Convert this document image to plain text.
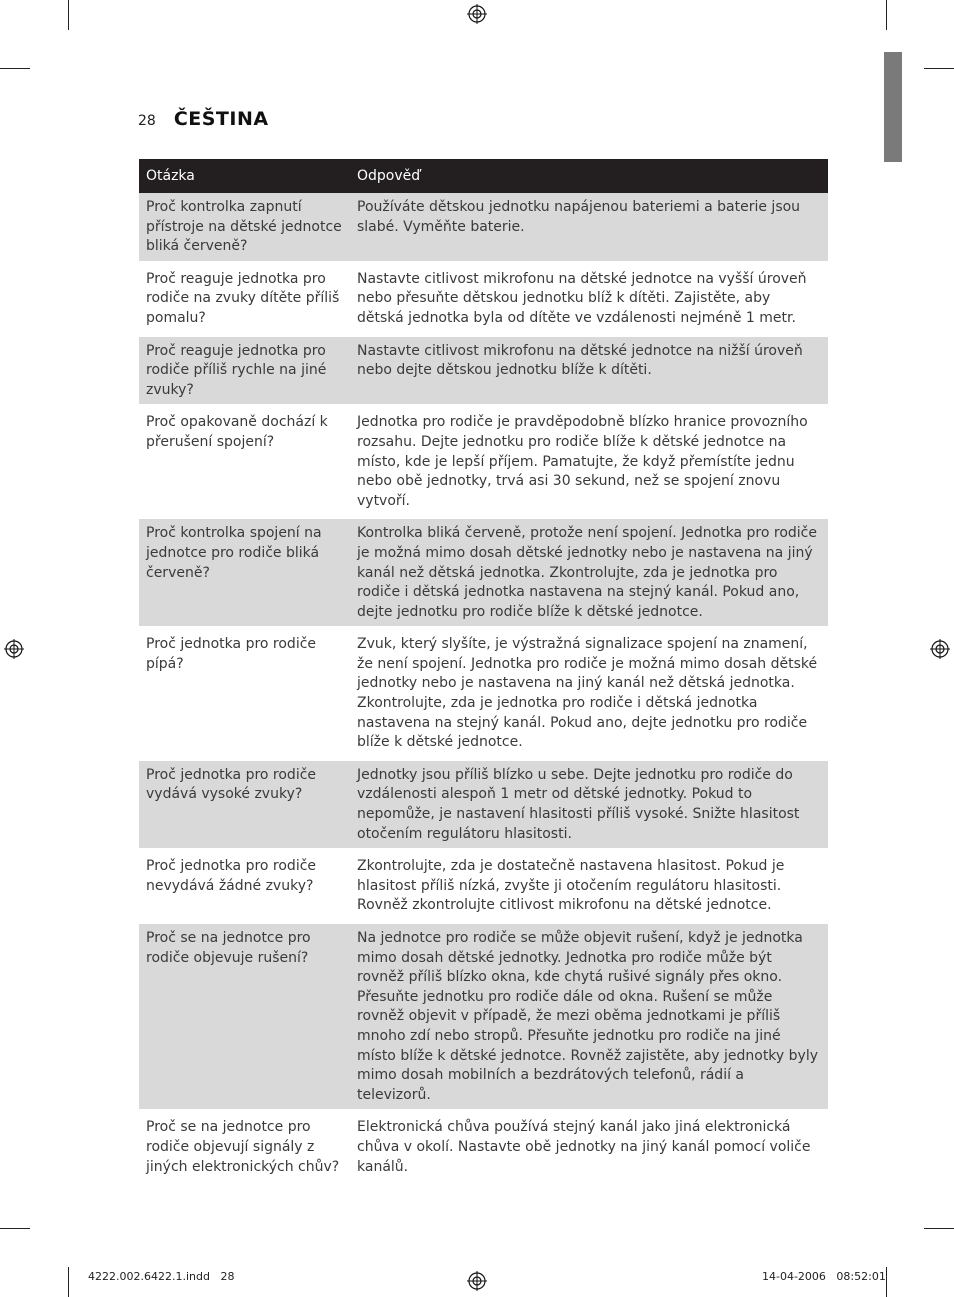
28 ČEŠTINA
Otázka	Odpověď
Proč kontrolka zapnutí přístroje na dětské jednotce bliká červeně?	Používáte dětskou jednotku napájenou bateriemi a baterie jsou slabé. Vyměňte baterie.
Proč reaguje jednotka pro rodiče na zvuky dítěte příliš pomalu?	Nastavte citlivost mikrofonu na dětské jednotce na vyšší úroveň nebo přesuňte dětskou jednotku blíž k dítěti. Zajistěte, aby dětská jednotka byla od dítěte ve vzdálenosti nejméně 1 metr.
Proč reaguje jednotka pro rodiče příliš rychle na jiné zvuky?	Nastavte citlivost mikrofonu na dětské jednotce na nižší úroveň nebo dejte dětskou jednotku blíže k dítěti.
Proč opakovaně dochází k přerušení spojení?	Jednotka pro rodiče je pravděpodobně blízko hranice provozního rozsahu. Dejte jednotku pro rodiče blíže k dětské jednotce na místo, kde je lepší příjem. Pamatujte, že když přemístíte jednu nebo obě jednotky, trvá asi 30 sekund, než se spojení znovu vytvoří.
Proč kontrolka spojení na jednotce pro rodiče bliká červeně?	Kontrolka bliká červeně, protože není spojení. Jednotka pro rodiče je možná mimo dosah dětské jednotky nebo je nastavena na jiný kanál než dětská jednotka. Zkontrolujte, zda je jednotka pro rodiče i dětská jednotka nastavena na stejný kanál. Pokud ano, dejte jednotku pro rodiče blíže k dětské jednotce.
Proč jednotka pro rodiče pípá?	Zvuk, který slyšíte, je výstražná signalizace spojení na znamení, že není spojení. Jednotka pro rodiče je možná mimo dosah dětské jednotky nebo je nastavena na jiný kanál než dětská jednotka. Zkontrolujte, zda je jednotka pro rodiče i dětská jednotka nastavena na stejný kanál. Pokud ano, dejte jednotku pro rodiče blíže k dětské jednotce.
Proč jednotka pro rodiče vydává vysoké zvuky?	Jednotky jsou příliš blízko u sebe. Dejte jednotku pro rodiče do vzdálenosti alespoň 1 metr od dětské jednotky. Pokud to nepomůže, je nastavení hlasitosti příliš vysoké. Snižte hlasitost otočením regulátoru hlasitosti.
Proč jednotka pro rodiče nevydává žádné zvuky?	Zkontrolujte, zda je dostatečně nastavena hlasitost. Pokud je hlasitost příliš nízká, zvyšte ji otočením regulátoru hlasitosti. Rovněž zkontrolujte citlivost mikrofonu na dětské jednotce.
Proč se na jednotce pro rodiče objevuje rušení?	Na jednotce pro rodiče se může objevit rušení, když je jednotka mimo dosah dětské jednotky. Jednotka pro rodiče může být rovněž příliš blízko okna, kde chytá rušivé signály přes okno. Přesuňte jednotku pro rodiče dále od okna. Rušení se může rovněž objevit v případě, že mezi oběma jednotkami je příliš mnoho zdí nebo stropů. Přesuňte jednotku pro rodiče na jiné místo blíže k dětské jednotce. Rovněž zajistěte, aby jednotky byly mimo dosah mobilních a bezdrátových telefonů, rádií a televizorů.
Proč se na jednotce pro rodiče objevují signály z jiných elektronických chův?	Elektronická chůva používá stejný kanál jako jiná elektronická chůva v okolí. Nastavte obě jednotky na jiný kanál pomocí voliče kanálů.
4222.002.6422.1.indd   28	14-04-2006   08:52:01
